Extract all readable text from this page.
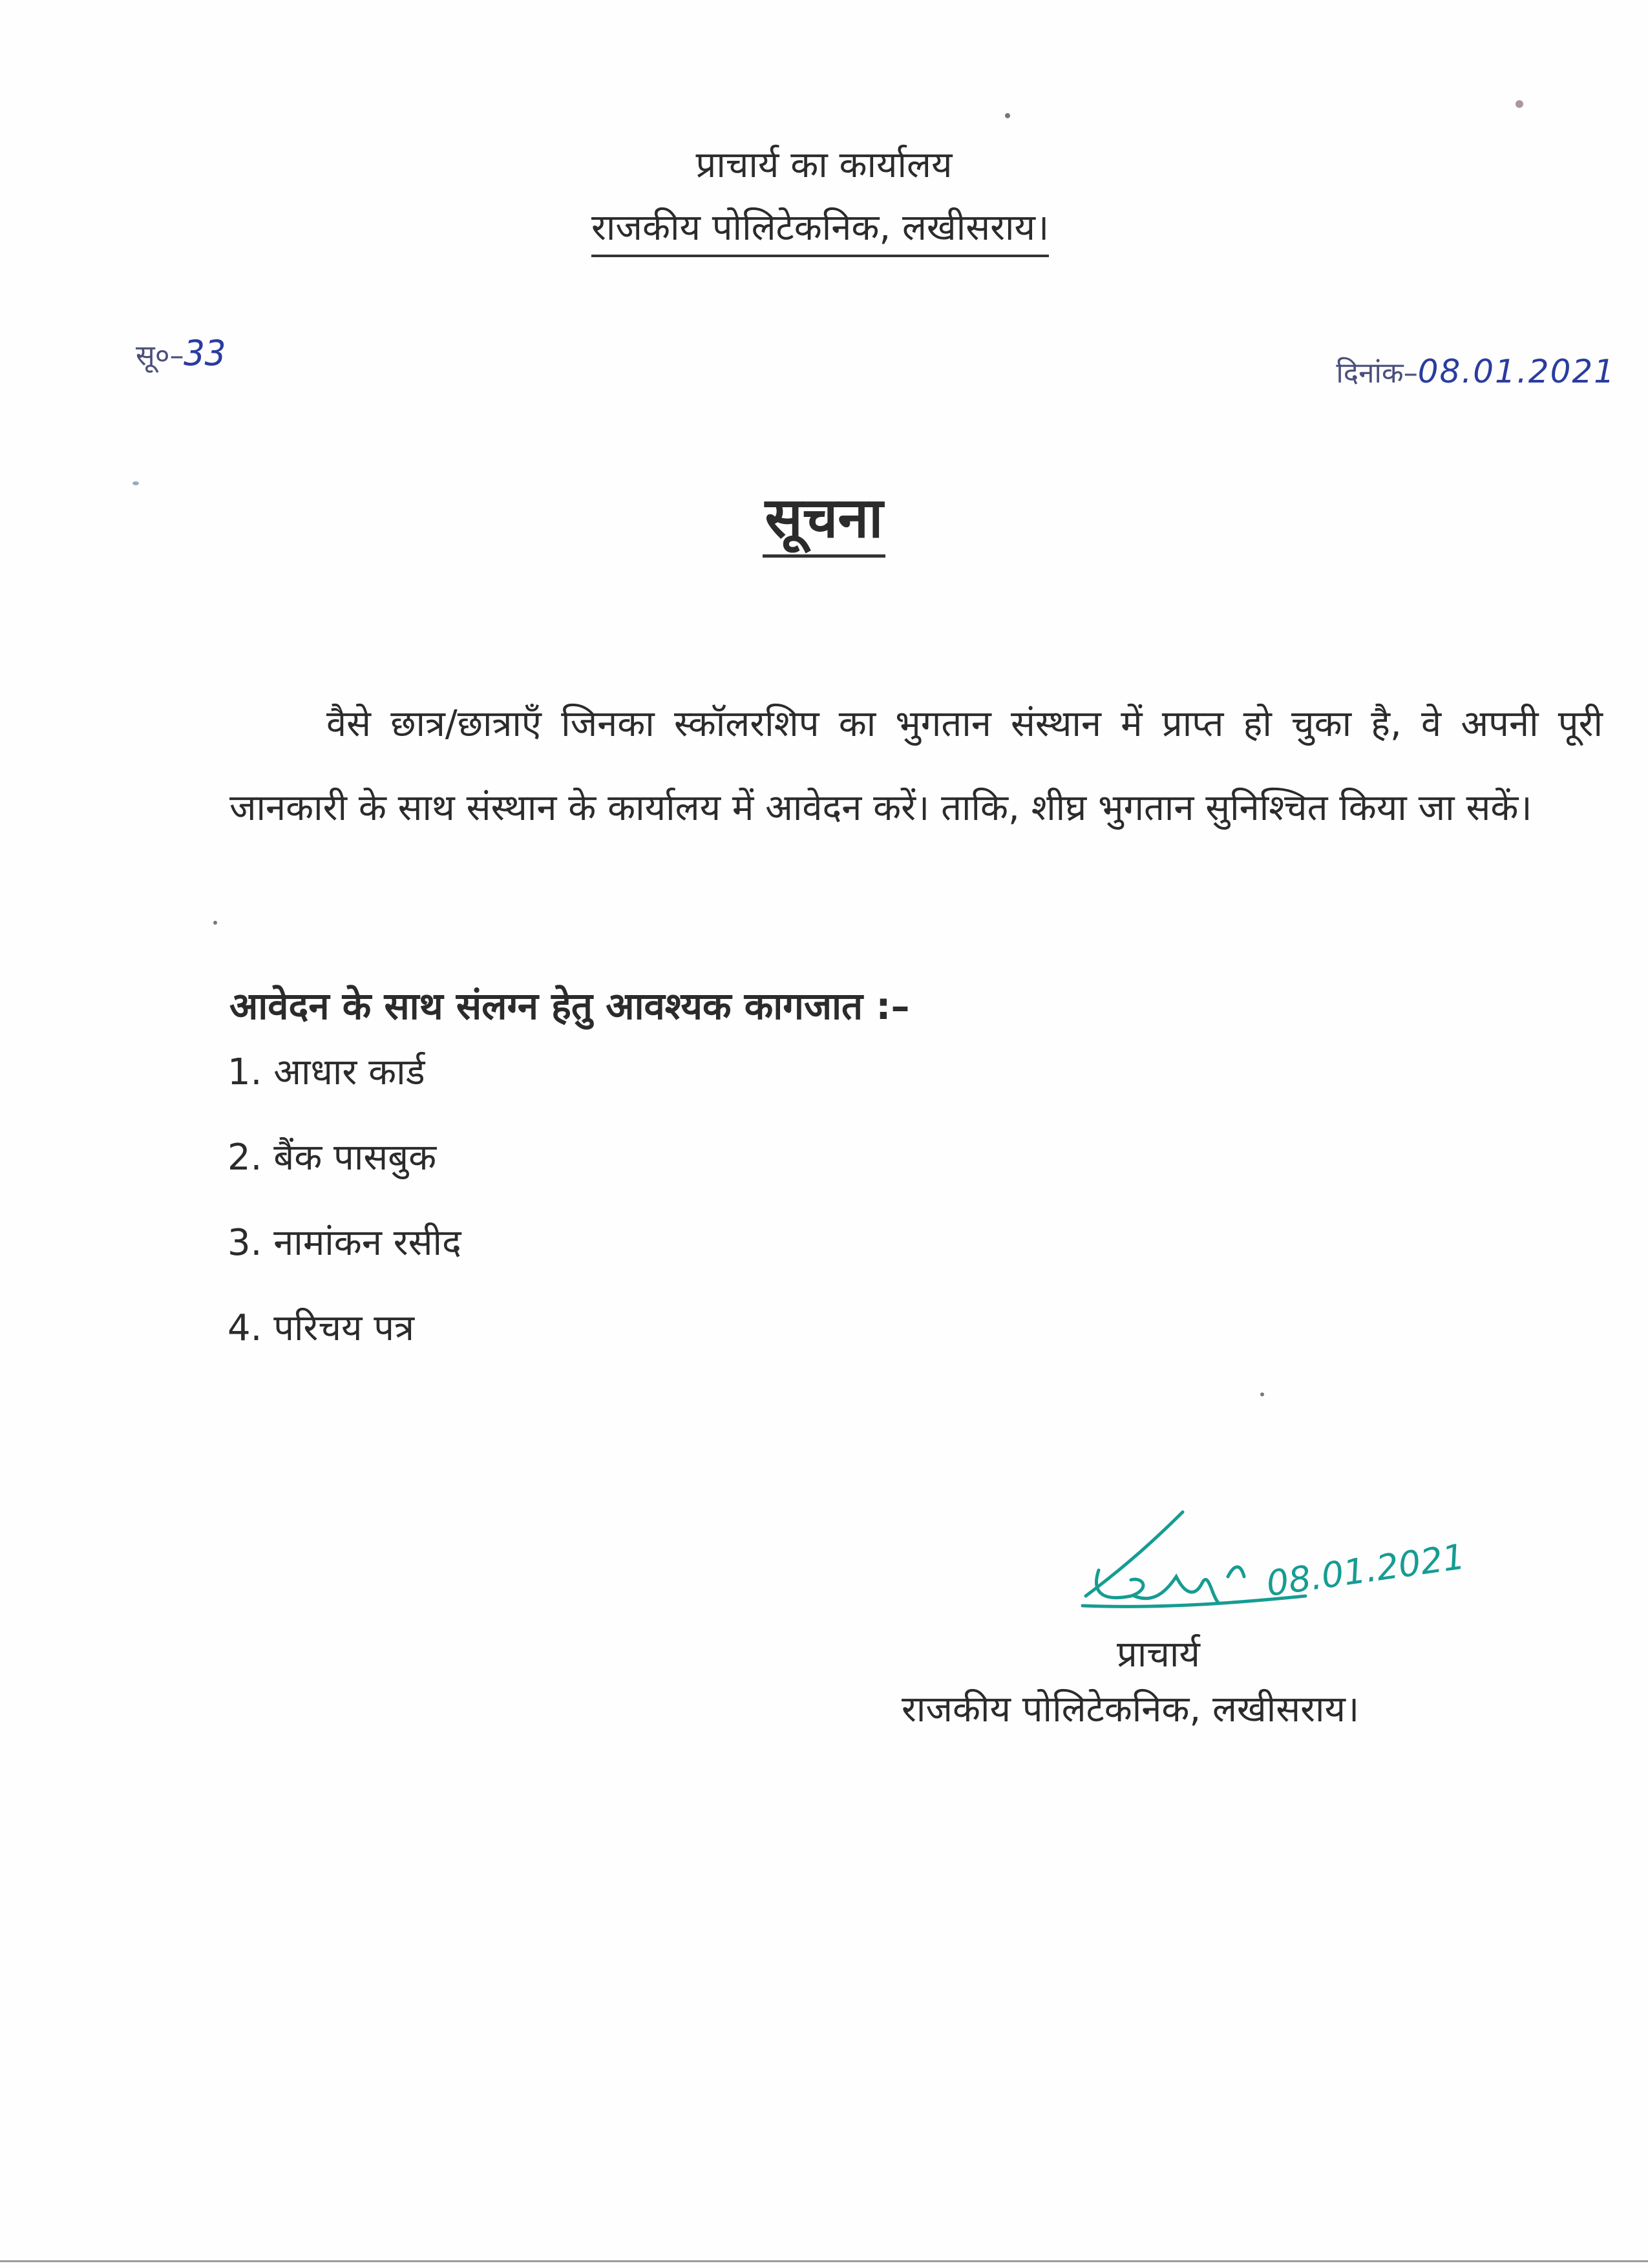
प्राचार्य का कार्यालय
राजकीय पोलिटेकनिक, लखीसराय।
सू०–33	दिनांक–08.01.2021
सूचना

वैसे छात्र/छात्राएँ जिनका स्कॉलरशिप का भुगतान संस्थान में प्राप्त हो चुका है, वे अपनी पूरी जानकारी के साथ संस्थान के कार्यालय में आवेदन करें। ताकि, शीघ्र भुगतान सुनिश्चित किया जा सकें।

आवेदन के साथ संलग्न हेतु आवश्यक कागजात :–
1. आधार कार्ड
2. बैंक पासबुक
3. नामांकन रसीद
4. परिचय पत्र
08.01.2021
प्राचार्य
राजकीय पोलिटेकनिक, लखीसराय।
